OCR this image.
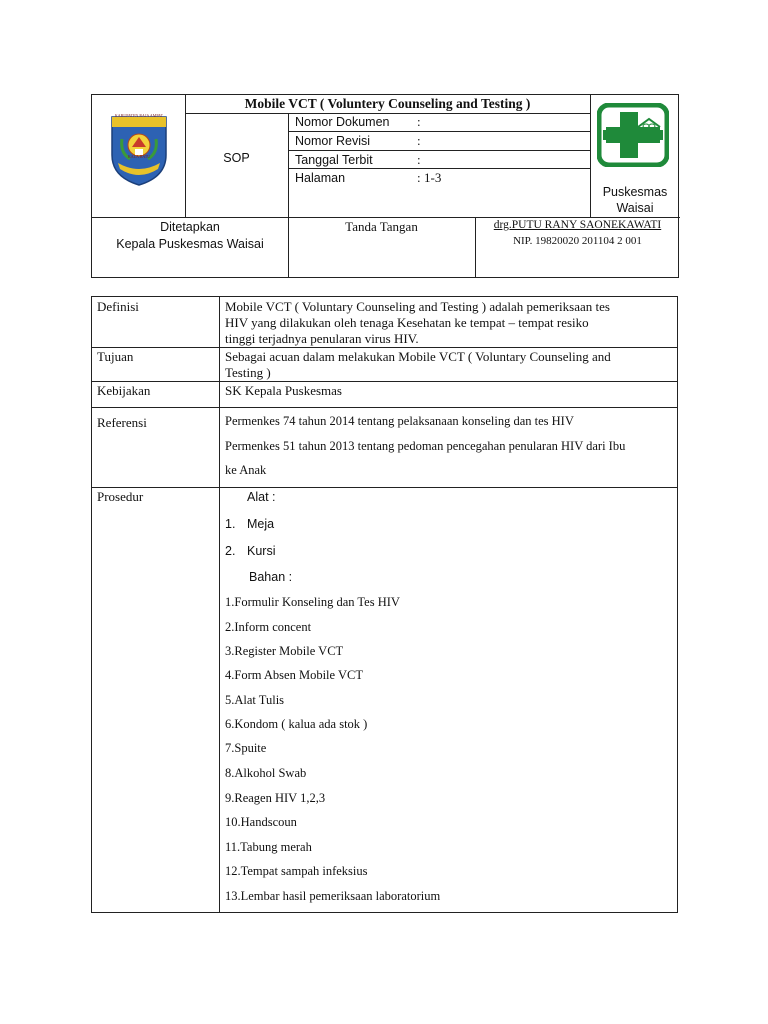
KABUPATEN RAJA AMPAT
KALA BATU
Mobile VCT ( Voluntery Counseling and Testing )
SOP
Nomor Dokumen :
Nomor Revisi	:
Tanggal Terbit	:
Halaman	: 1-3
Puskesmas
Waisai
Ditetapkan
Kepala Puskesmas Waisai
Tanda Tangan	drg.PUTU RANY SAONEKAWATI
NIP. 19820020 201104 2 001
Definisi	Mobile VCT ( Voluntary Counseling and Testing ) adalah pemeriksaan tes
HIV yang dilakukan oleh tenaga Kesehatan ke tempat – tempat resiko
tinggi terjadnya penularan virus HIV.
Tujuan	Sebagai acuan dalam melakukan Mobile VCT ( Voluntary Counseling and
Testing )
Kebijakan	SK Kepala Puskesmas
Referensi	Permenkes 74 tahun 2014 tentang pelaksanaan konseling dan tes HIV
Permenkes 51 tahun 2013 tentang pedoman pencegahan penularan HIV dari Ibu
ke Anak
Prosedur	Alat :
1. Meja
2. Kursi
Bahan :
1.Formulir Konseling dan Tes HIV
2.Inform concent
3.Register Mobile VCT
4.Form Absen Mobile VCT
5.Alat Tulis
6.Kondom ( kalua ada stok )
7.Spuite
8.Alkohol Swab
9.Reagen HIV 1,2,3
10.Handscoun
11.Tabung merah
12.Tempat sampah infeksius
13.Lembar hasil pemeriksaan laboratorium
